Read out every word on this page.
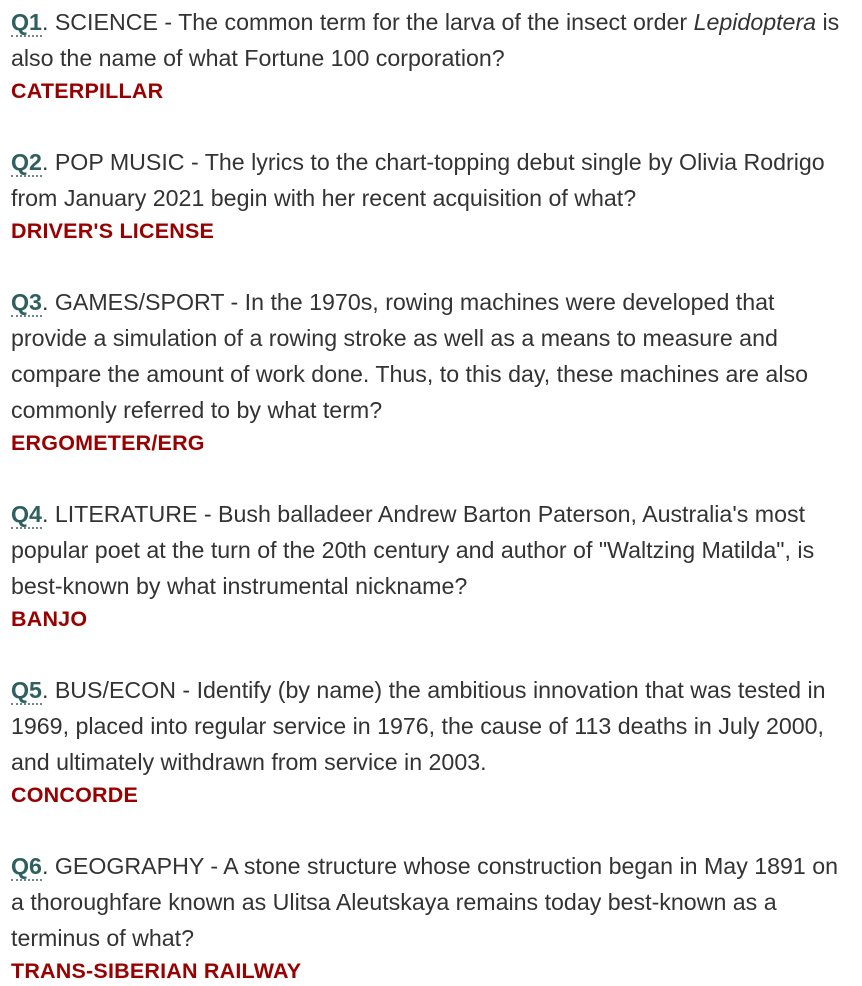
Q1. SCIENCE - The common term for the larva of the insect order Lepidoptera is also the name of what Fortune 100 corporation?

CATERPILLAR

Q2. POP MUSIC - The lyrics to the chart-topping debut single by Olivia Rodrigo from January 2021 begin with her recent acquisition of what?

DRIVER'S LICENSE

Q3. GAMES/SPORT - In the 1970s, rowing machines were developed that provide a simulation of a rowing stroke as well as a means to measure and compare the amount of work done. Thus, to this day, these machines are also commonly referred to by what term?

ERGOMETER/ERG

Q4. LITERATURE - Bush balladeer Andrew Barton Paterson, Australia's most popular poet at the turn of the 20th century and author of "Waltzing Matilda", is best-known by what instrumental nickname?

BANJO

Q5. BUS/ECON - Identify (by name) the ambitious innovation that was tested in 1969, placed into regular service in 1976, the cause of 113 deaths in July 2000, and ultimately withdrawn from service in 2003.

CONCORDE

Q6. GEOGRAPHY - A stone structure whose construction began in May 1891 on a thoroughfare known as Ulitsa Aleutskaya remains today best-known as a terminus of what?

TRANS-SIBERIAN RAILWAY
